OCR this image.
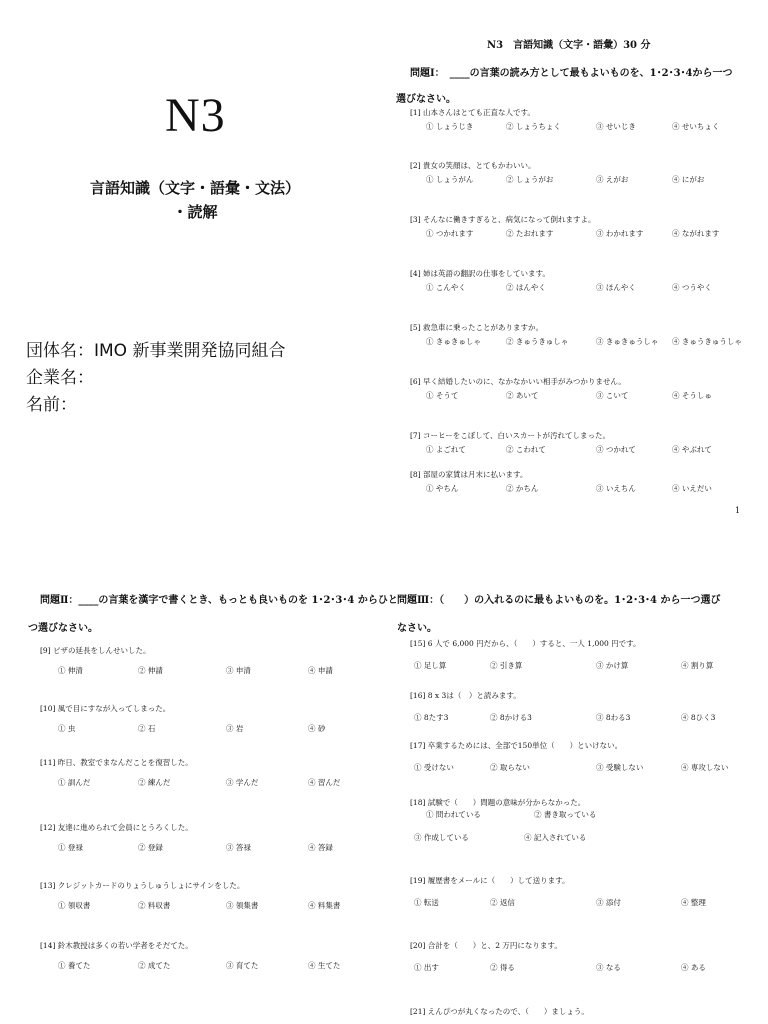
N3
言語知識（文字・語彙・文法）
・読解
団体名：IMO 新事業開発協同組合
企業名：
名前：
N3　言語知識（文字・語彙）30 分
問題Ⅰ：　____の言葉の読み方として最もよいものを、1･2･3･4から一つ
選びなさい。
[1] 山本さんはとても正直な人です。
① しょうじき	② しょうちょく	③ せいじき	④ せいちょく
[2] 貴女の笑顔は、とてもかわいい。
① しょうがん	② しょうがお	③ えがお	④ にがお
[3] そんなに働きすぎると、病気になって倒れますよ。
① つかれます	② たおれます	③ わかれます	④ ながれます
[4] 姉は英語の翻訳の仕事をしています。
① こんやく	② はんやく	③ ほんやく	④ つうやく
[5] 救急車に乗ったことがありますか。
① きゅきゅしゃ	② きゅうきゅしゃ	③ きゅきゅうしゃ ④ きゅうきゅうしゃ
[6] 早く結婚したいのに、なかなかいい相手がみつかりません。
① そうて	② あいて	③ こいて	④ そうしゅ
[7] コーヒーをこぼして、白いスカートが汚れてしまった。
① よごれて	② こわれて	③ つかれて	④ やぶれて
[8] 部屋の家賃は月末に払います。
① やちん	② かちん	③ いえちん	④ いえだい
1
問題Ⅱ：____の言葉を漢字で書くとき、もっとも良いものを 1･2･3･4 からひと
つ選びなさい。
[9] ビザの延長をしんせいした。
① 伸清	② 伸請	③ 申清	④ 申請
[10] 風で目にすなが入ってしまった。
① 虫	② 石	③ 岩	④ 砂
[11] 昨日、教室でまなんだことを復習した。
① 訓んだ	② 練んだ	③ 学んだ	④ 習んだ
[12] 友達に進められて会員にとうろくした。
① 登禄	② 登録	③ 答禄	④ 答録
[13] クレジットカードのりょうしゅうしょにサインをした。
① 領収書	② 料収書	③ 領集書	④ 料集書
[14] 鈴木教授は多くの若い学者をそだてた。
① 養てた	② 成てた	③ 育てた	④ 生てた
問題Ⅲ：（　　）の入れるのに最もよいものを。1･2･3･4 から一つ選び
なさい。
[15] 6 人で 6,000 円だから、（　　）すると、一人 1,000 円です。
① 足し算	② 引き算	③ かけ算	④ 割り算
[16] 8 x 3は（　）と読みます。
① 8たす3	② 8かける3	③ 8わる3	④ 8ひく3
[17] 卒業するためには、全部で150単位（　　）といけない。
① 受けない	② 取らない	③ 受験しない	④ 専攻しない
[18] 試験で（　　）問題の意味が分からなかった。
① 問われている	② 書き取っている
③ 作成している	④ 記入されている
[19] 履歴書をメールに（　　）して送ります。
① 転送	② 返信	③ 添付	④ 整理
[20] 合計を（　　）と、2 万円になります。
① 出す	② 得る	③ なる	④ ある
[21] えんぴつが丸くなったので、（　　）ましょう。
